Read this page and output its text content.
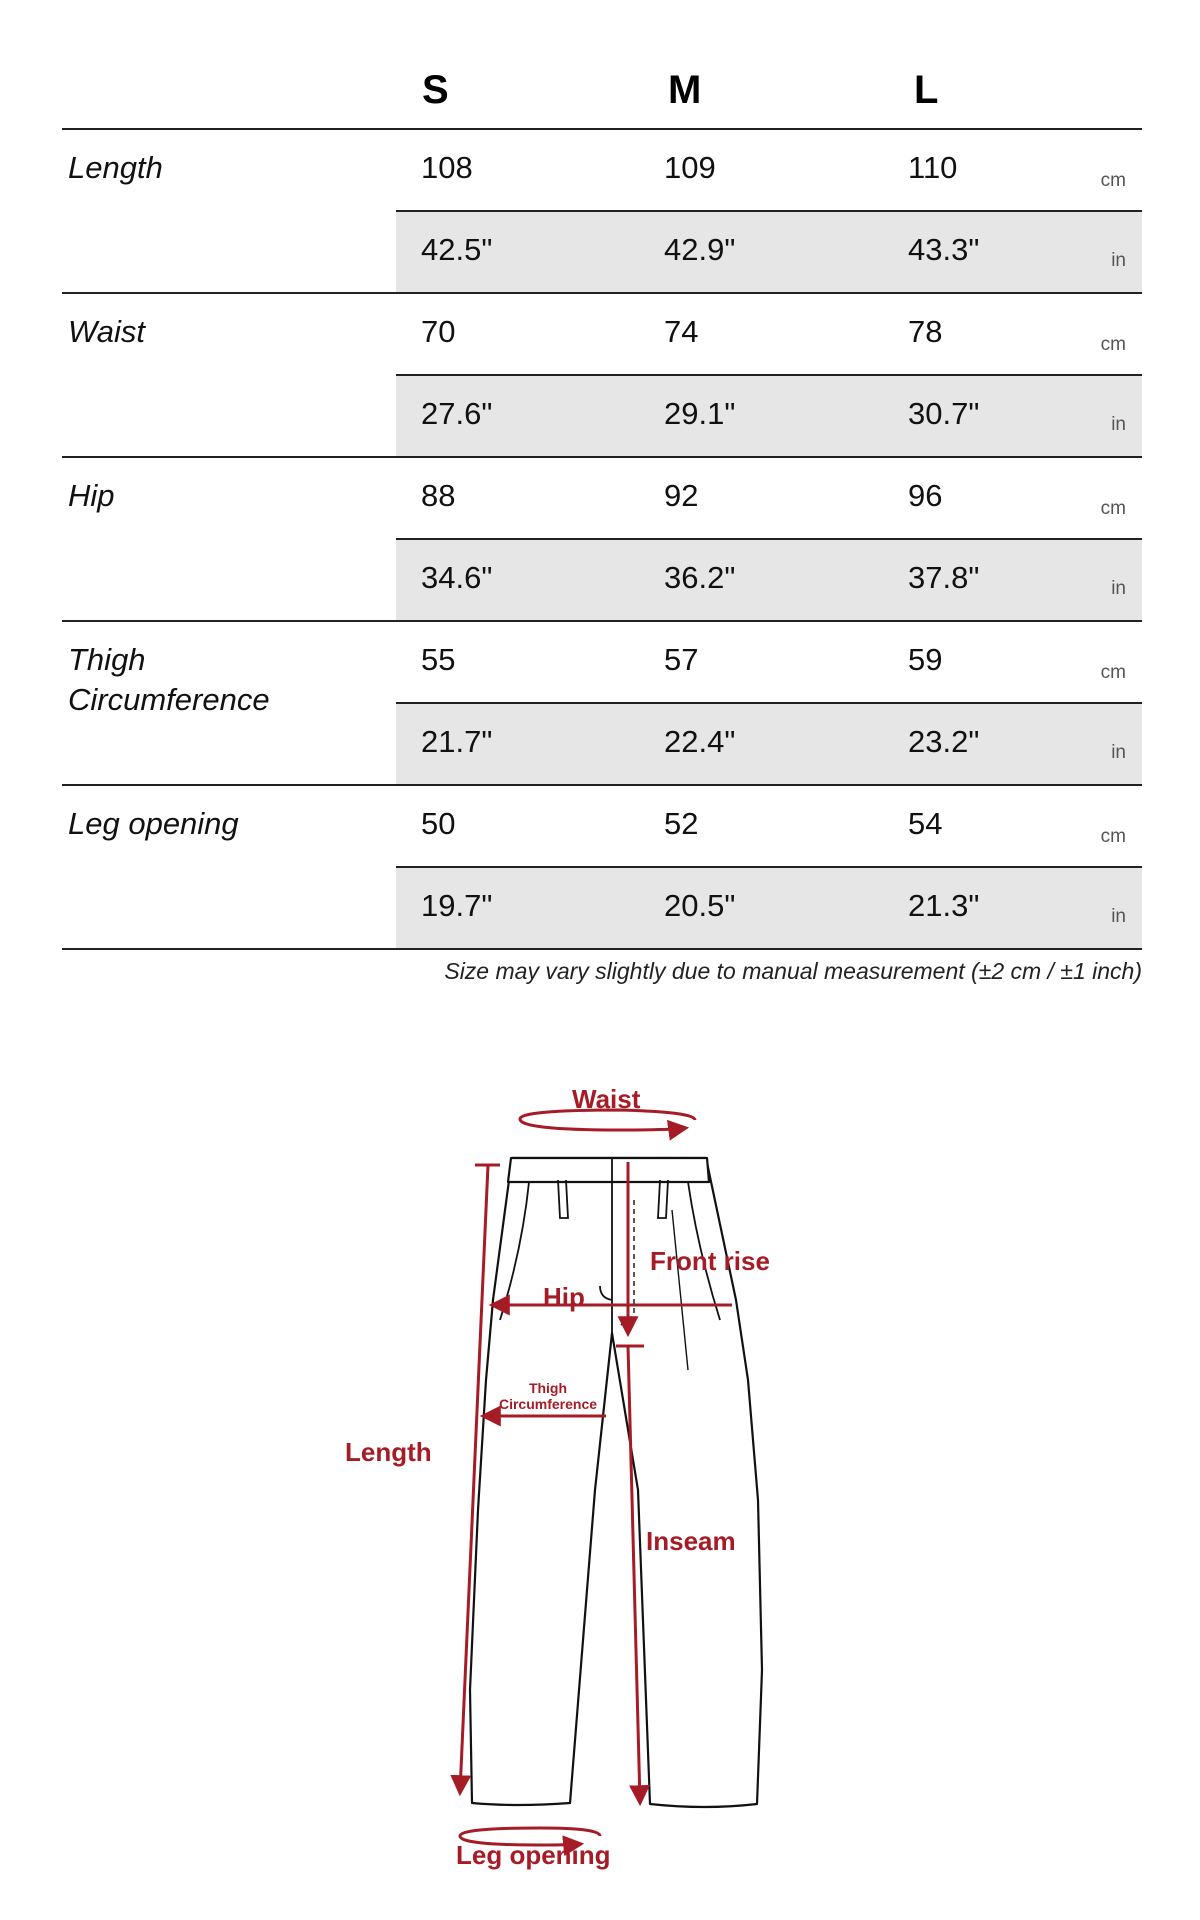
S	M	L
Length	108	109	110	cm
42.5"	42.9"	43.3"	in
Waist	70	74	78	cm
27.6"	29.1"	30.7"	in
Hip	88	92	96	cm
34.6"	36.2"	37.8"	in
Thigh Circumference
55	57	59	cm
21.7"	22.4"	23.2"	in
Leg opening	50	52	54	cm
19.7"	20.5"	21.3"	in
Size may vary slightly due to manual measurement (±2 cm / ±1 inch)
Waist
Front rise
Hip
Thigh Circumference
Length
Inseam
Leg opening
